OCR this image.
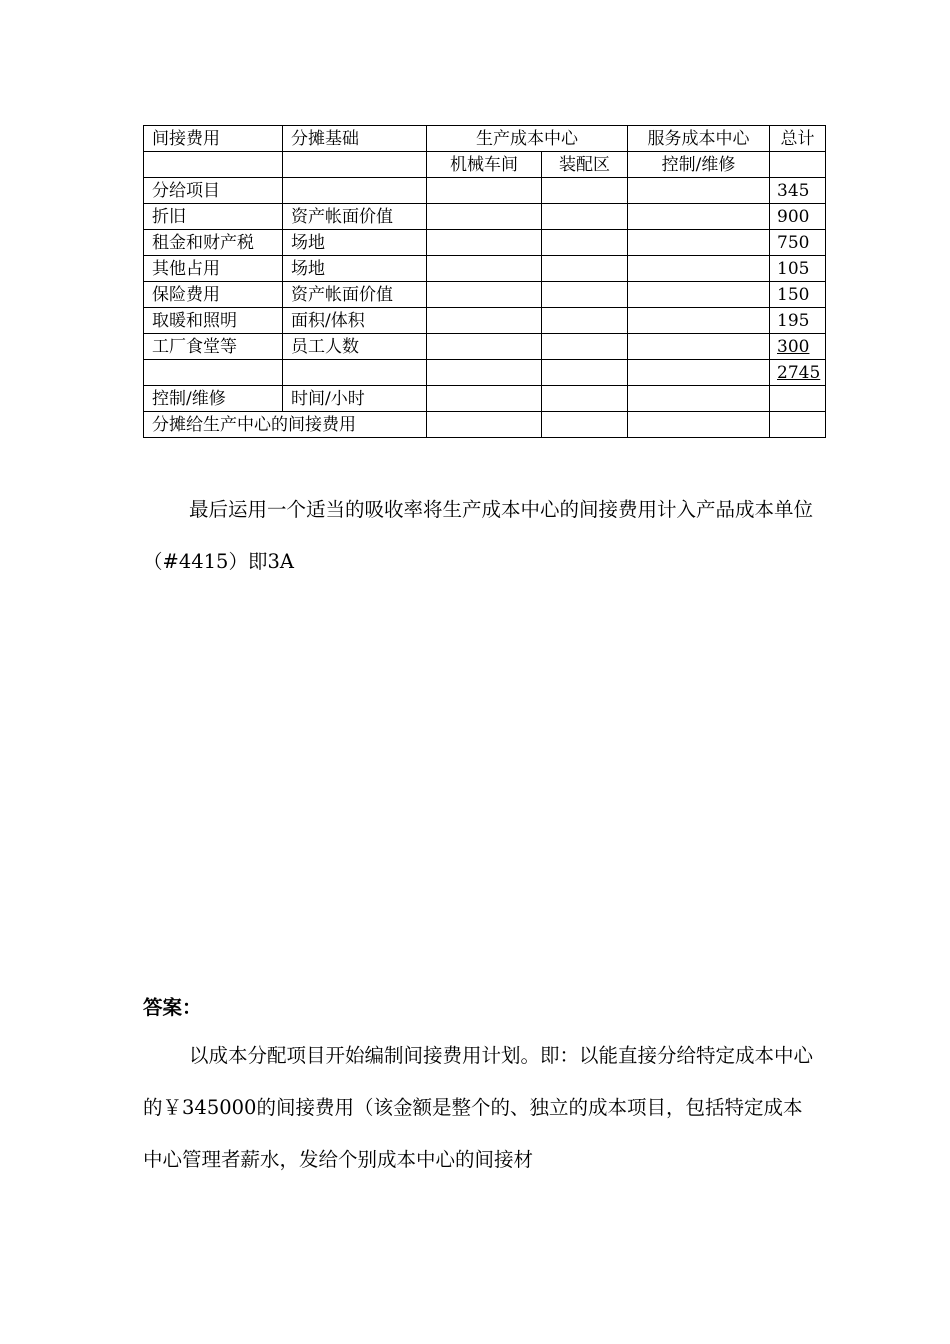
间接费用	分摊基础	生产成本中心		服务成本中心	总计
		机械车间	装配区	控制/维修	
分给项目					345
折旧	资产帐面价值				900
租金和财产税	场地				750
其他占用	场地				105
保险费用	资产帐面价值				150
取暖和照明	面积/体积				195
工厂食堂等	员工人数				300
					2745
控制/维修	时间/小时				
分摊给生产中心的间接费用					

最后运用一个适当的吸收率将生产成本中心的间接费用计入产品成本单位（#4415）即3A

答案：

以成本分配项目开始编制间接费用计划。即：以能直接分给特定成本中心的￥345000的间接费用（该金额是整个的、独立的成本项目，包括特定成本中心管理者薪水，发给个别成本中心的间接材
